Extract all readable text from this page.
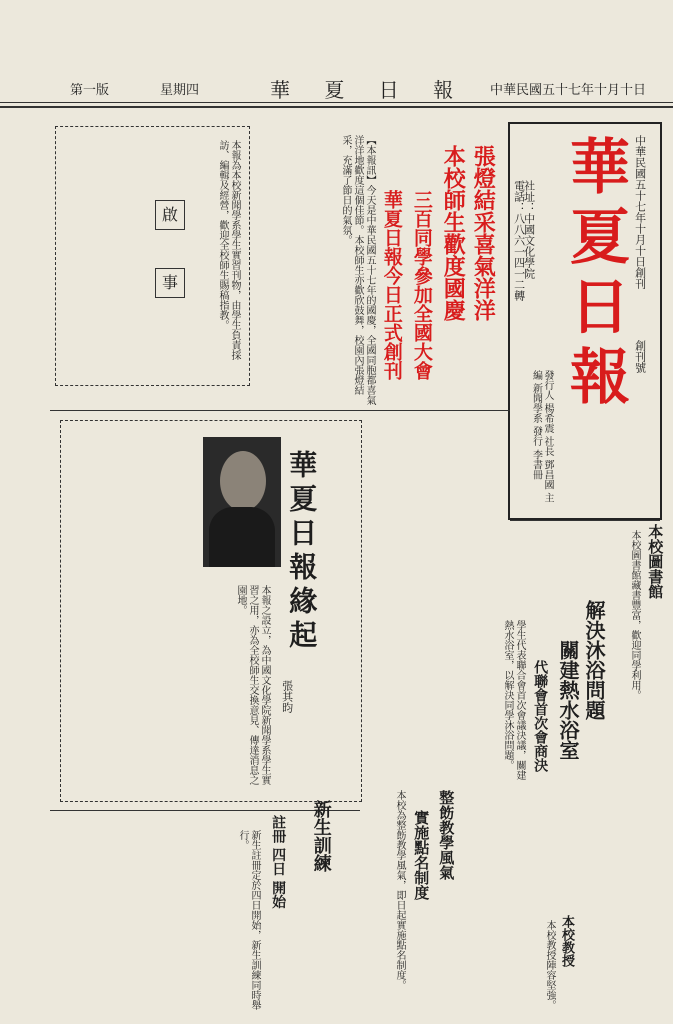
中華民國五十七年十月十日
華 夏 日 報
星期四
第一版
華夏日報 中華民國五十七年十月十日創刊
創刊號
社址：中國文化學院
電話：八八六一四一二轉
發行人 楊希震 社長 鄧昌國 主編 新聞學系 發行 李書冊
張燈結采喜氣洋洋
本校師生歡度國慶
三百同學參加全國大會
華夏日報今日正式創刊
【本報訊】今天是中華民國五十七年的國慶，全國同胞都喜氣洋洋地歡度這個佳節。本校師生亦歡欣鼓舞，校園內張燈結采，充滿了節日的氣氛。
啟
事	本報為本校新聞學系學生實習刊物，由學生負責採訪、編輯及經營，歡迎全校師生賜稿指教。
華夏日報緣起
張其昀
本報之設立，為中國文化學院新聞學系學生實習之用，亦為全校師生交換意見、傳達消息之園地。
本校圖書館
本校圖書館藏書豐富，歡迎同學利用。
解決沐浴問題
關建熱水浴室
代聯會首次會商決
學生代表聯合會首次會議決議，關建熱水浴室，以解決同學沐浴問題。
整飭教學風氣
實施點名制度
本校為整飭教學風氣，即日起實施點名制度。
新生訓練
註冊 四日 開始
新生註冊定於四日開始，新生訓練同時舉行。
本校教授
本校教授陣容堅強。
